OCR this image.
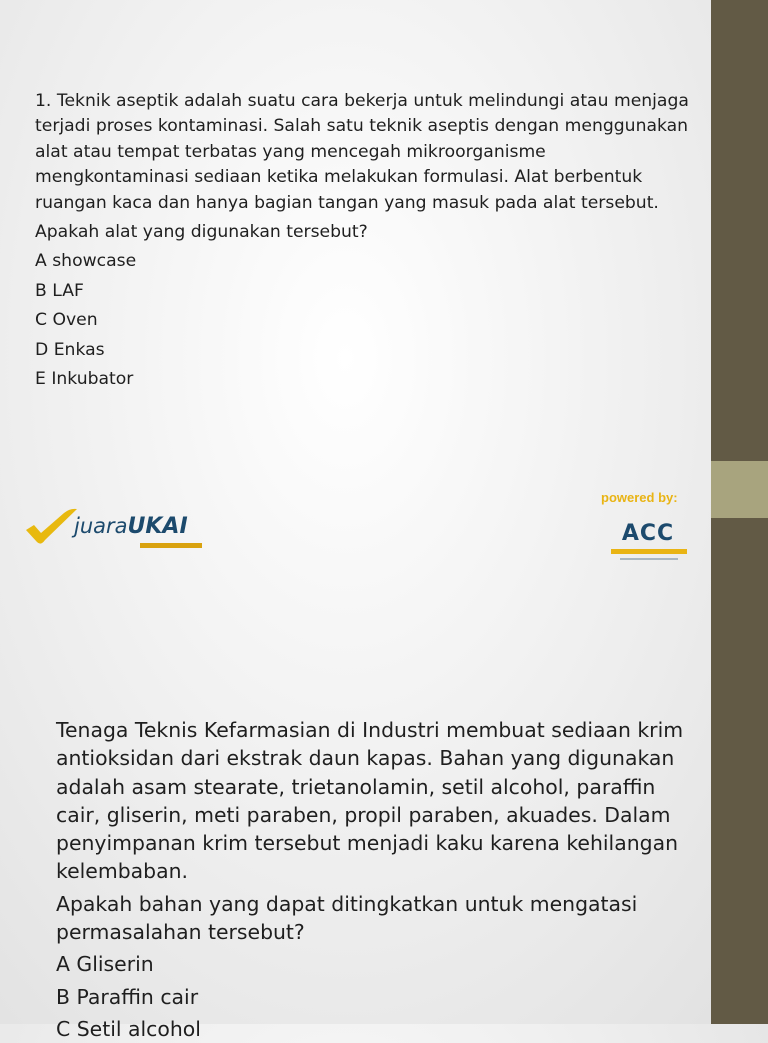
1. Teknik aseptik adalah suatu cara bekerja untuk melindungi atau menjaga terjadi proses kontaminasi. Salah satu teknik aseptis dengan menggunakan alat atau tempat terbatas yang mencegah mikroorganisme mengkontaminasi sediaan ketika melakukan formulasi. Alat berbentuk ruangan kaca dan hanya bagian tangan yang masuk pada alat tersebut.

Apakah alat yang digunakan tersebut?

A showcase

B LAF

C Oven

D Enkas

E Inkubator

juaraUKAI
powered by:
ACC

Tenaga Teknis Kefarmasian di Industri membuat sediaan krim antioksidan dari ekstrak daun kapas. Bahan yang digunakan adalah asam stearate, trietanolamin, setil alcohol, paraffin cair, gliserin, meti paraben, propil paraben, akuades. Dalam penyimpanan krim tersebut menjadi kaku karena kehilangan kelembaban.

Apakah bahan yang dapat ditingkatkan untuk mengatasi permasalahan tersebut?

A Gliserin

B Paraffin cair

C Setil alcohol
